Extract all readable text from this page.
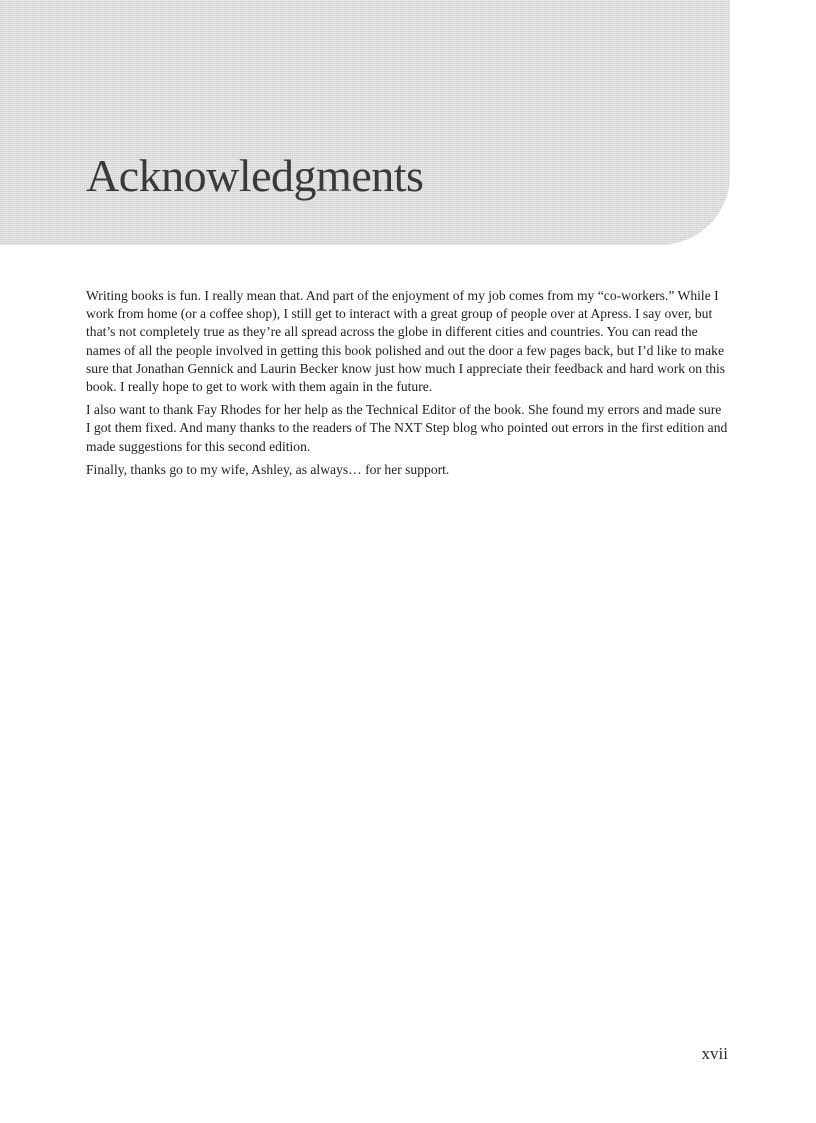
Acknowledgments

Writing books is fun. I really mean that. And part of the enjoyment of my job comes from my “co-workers.” While I work from home (or a coffee shop), I still get to interact with a great group of people over at Apress. I say over, but that’s not completely true as they’re all spread across the globe in different cities and countries. You can read the names of all the people involved in getting this book polished and out the door a few pages back, but I’d like to make sure that Jonathan Gennick and Laurin Becker know just how much I appreciate their feedback and hard work on this book. I really hope to get to work with them again in the future.

I also want to thank Fay Rhodes for her help as the Technical Editor of the book. She found my errors and made sure I got them fixed. And many thanks to the readers of The NXT Step blog who pointed out errors in the first edition and made suggestions for this second edition.

Finally, thanks go to my wife, Ashley, as always… for her support.

xvii
